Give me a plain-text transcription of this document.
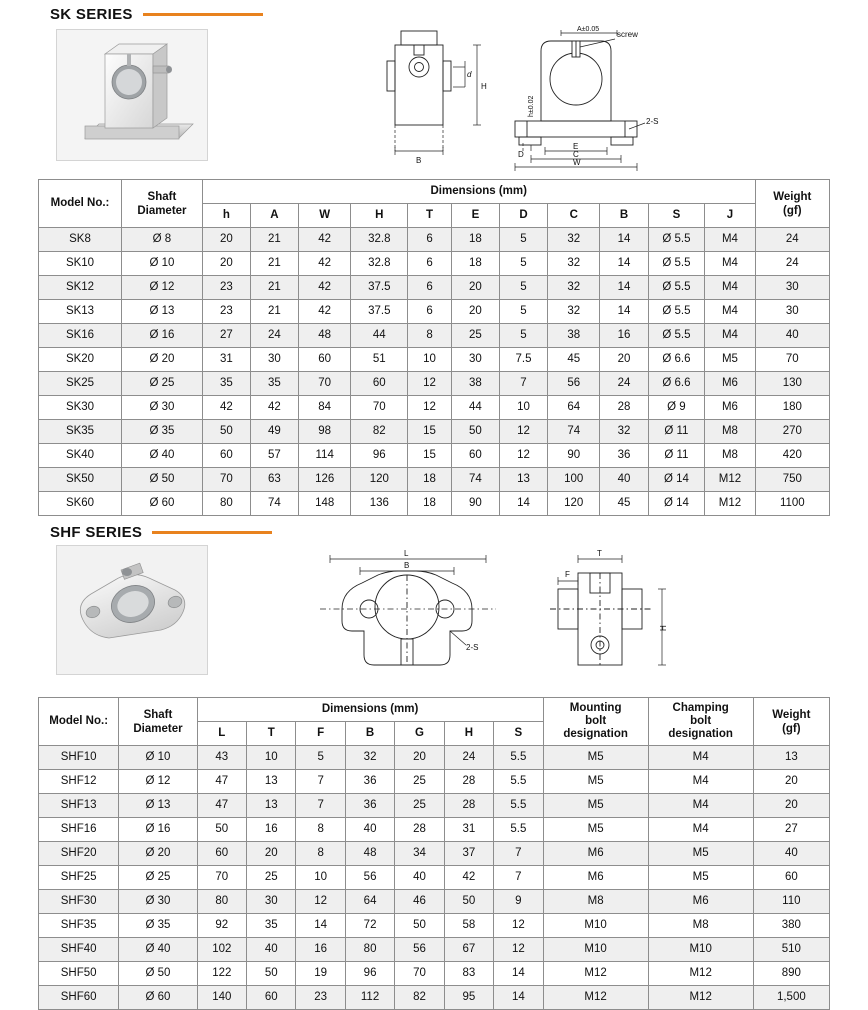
SK SERIES
d
H
B
A±0.05
screw
2-S
E
C
W
D
h±0.02
Model No.:	Shaft
Diameter	Dimensions (mm)											Weight
(gf)

		h	A	W	H	T	E	D	C	B	S	J	
SK8	Ø 8	20	21	42	32.8	6	18	5	32	14	Ø 5.5	M4	24
SK10	Ø 10	20	21	42	32.8	6	18	5	32	14	Ø 5.5	M4	24
SK12	Ø 12	23	21	42	37.5	6	20	5	32	14	Ø 5.5	M4	30
SK13	Ø 13	23	21	42	37.5	6	20	5	32	14	Ø 5.5	M4	30
SK16	Ø 16	27	24	48	44	8	25	5	38	16	Ø 5.5	M4	40
SK20	Ø 20	31	30	60	51	10	30	7.5	45	20	Ø 6.6	M5	70
SK25	Ø 25	35	35	70	60	12	38	7	56	24	Ø 6.6	M6	130
SK30	Ø 30	42	42	84	70	12	44	10	64	28	Ø 9	M6	180
SK35	Ø 35	50	49	98	82	15	50	12	74	32	Ø 11	M8	270
SK40	Ø 40	60	57	114	96	15	60	12	90	36	Ø 11	M8	420
SK50	Ø 50	70	63	126	120	18	74	13	100	40	Ø 14	M12	750
SK60	Ø 60	80	74	148	136	18	90	14	120	45	Ø 14	M12	1100
SHF SERIES
L
B
2-S
T
F
H
Model No.:	Shaft
Diameter	Dimensions (mm)							Mounting
bolt
designation	Champing
bolt
designation	Weight
(gf)

		L	T	F	B	G	H	S			
SHF10	Ø 10	43	10	5	32	20	24	5.5	M5	M4	13
SHF12	Ø 12	47	13	7	36	25	28	5.5	M5	M4	20
SHF13	Ø 13	47	13	7	36	25	28	5.5	M5	M4	20
SHF16	Ø 16	50	16	8	40	28	31	5.5	M5	M4	27
SHF20	Ø 20	60	20	8	48	34	37	7	M6	M5	40
SHF25	Ø 25	70	25	10	56	40	42	7	M6	M5	60
SHF30	Ø 30	80	30	12	64	46	50	9	M8	M6	110
SHF35	Ø 35	92	35	14	72	50	58	12	M10	M8	380
SHF40	Ø 40	102	40	16	80	56	67	12	M10	M10	510
SHF50	Ø 50	122	50	19	96	70	83	14	M12	M12	890
SHF60	Ø 60	140	60	23	112	82	95	14	M12	M12	1,500
